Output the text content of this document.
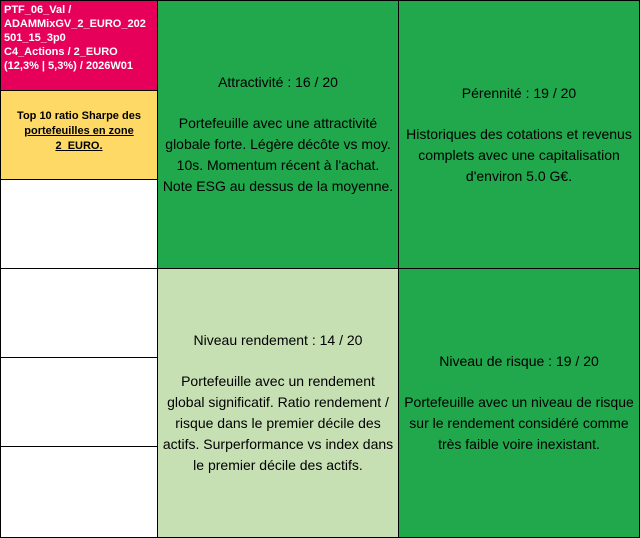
PTF_06_Val /
ADAMMixGV_2_EURO_202
501_15_3p0
C4_Actions / 2_EURO
(12,3% | 5,3%) / 2026W01
Top 10 ratio Sharpe des
portefeuilles en zone
2_EURO.
Attractivité : 16 / 20
Portefeuille avec une attractivité globale forte. Légère décôte vs moy. 10s. Momentum récent à l'achat. Note ESG au dessus de la moyenne.
Pérennité : 19 / 20
Historiques des cotations et revenus complets avec une capitalisation d'environ 5.0 G€.
Niveau rendement : 14 / 20
Portefeuille avec un rendement global significatif. Ratio rendement / risque dans le premier décile des actifs. Surperformance vs index dans le premier décile des actifs.
Niveau de risque : 19 / 20
Portefeuille avec un niveau de risque sur le rendement considéré comme très faible voire inexistant.
